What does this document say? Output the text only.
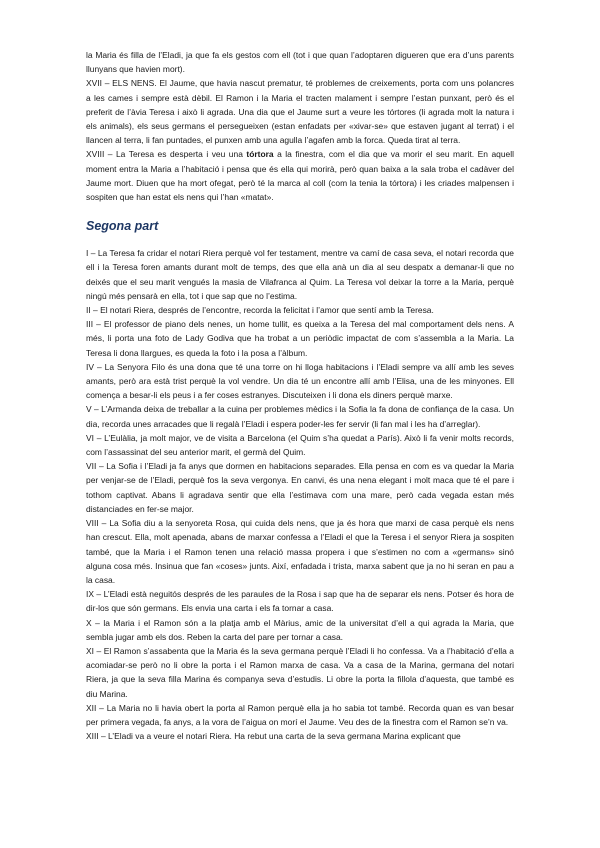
la Maria és filla de l’Eladi, ja que fa els gestos com ell (tot i que quan l’adoptaren digueren que era d’uns parents llunyans que havien mort).

XVII – ELS NENS. El Jaume, que havia nascut prematur, té problemes de creixements, porta com uns polancres a les cames i sempre està dèbil. El Ramon i la Maria el tracten malament i sempre l’estan punxant, però és el preferit de l’àvia Teresa i això li agrada. Una dia que el Jaume surt a veure les tórtores (li agrada molt la natura i els animals), els seus germans el persegueixen (estan enfadats per «xivar-se» que estaven jugant al terrat) i el llancen al terra, li fan puntades, el punxen amb una agulla l’agafen amb la forca. Queda tirat al terra.

XVIII – La Teresa es desperta i veu una tórtora a la finestra, com el dia que va morir el seu marit. En aquell moment entra la Maria a l’habitació i pensa que és ella qui morirà, però quan baixa a la sala troba el cadàver del Jaume mort. Diuen que ha mort ofegat, però té la marca al coll (com la tenia la tórtora) i les criades malpensen i sospiten que han estat els nens qui l’han «matat».

Segona part

I – La Teresa fa cridar el notari Riera perquè vol fer testament, mentre va camí de casa seva, el notari recorda que ell i la Teresa foren amants durant molt de temps, des que ella anà un dia al seu despatx a demanar-li que no deixés que el seu marit vengués la masia de Vilafranca al Quim. La Teresa vol deixar la torre a la Maria, perquè ningú més pensarà en ella, tot i que sap que no l’estima.

II – El notari Riera, després de l’encontre, recorda la felicitat i l’amor que sentí amb la Teresa.

III – El professor de piano dels nenes, un home tullit, es queixa a la Teresa del mal comportament dels nens. A més, li porta una foto de Lady Godiva que ha trobat a un periòdic impactat de com s’assembla a la Maria. La Teresa li dona llargues, es queda la foto i la posa a l’àlbum.

IV – La Senyora Filo és una dona que té una torre on hi lloga habitacions i l’Eladi sempre va allí amb les seves amants, però ara està trist perquè la vol vendre. Un dia té un encontre allí amb l’Elisa, una de les minyones. Ell comença a besar-li els peus i a fer coses estranyes. Discuteixen i li dona els diners perquè marxe.

V – L’Armanda deixa de treballar a la cuina per problemes mèdics i la Sofia la fa dona de confiança de la casa. Un dia, recorda unes arracades que li regalà l’Eladi i espera poder-les fer servir (li fan mal i les ha d’arreglar).

VI – L’Eulàlia, ja molt major, ve de visita a Barcelona (el Quim s’ha quedat a París). Això li fa venir molts records, com l’assassinat del seu anterior marit, el germà del Quim.

VII – La Sofia i l’Eladi ja fa anys que dormen en habitacions separades. Ella pensa en com es va quedar la Maria per venjar-se de l’Eladi, perquè fos la seva vergonya. En canvi, és una nena elegant i molt maca que té el pare i tothom captivat. Abans li agradava sentir que ella l’estimava com una mare, però cada vegada estan més distanciades en fer-se major.

VIII – La Sofia diu a la senyoreta Rosa, qui cuida dels nens, que ja és hora que marxi de casa perquè els nens han crescut. Ella, molt apenada, abans de marxar confessa a l’Eladi el que la Teresa i el senyor Riera ja sospiten també, que la Maria i el Ramon tenen una relació massa propera i que s’estimen no com a «germans» sinó alguna cosa més. Insinua que fan «coses» junts. Així, enfadada i trista, marxa sabent que ja no hi seran en pau a la casa.

IX – L’Eladi està neguitós després de les paraules de la Rosa i sap que ha de separar els nens. Potser és hora de dir-los que són germans. Els envia una carta i els fa tornar a casa.

X – la Maria i el Ramon són a la platja amb el Màrius, amic de la universitat d’ell a qui agrada la Maria, que sembla jugar amb els dos. Reben la carta del pare per tornar a casa.

XI – El Ramon s’assabenta que la Maria és la seva germana perquè l’Eladi li ho confessa. Va a l’habitació d’ella a acomiadar-se però no li obre la porta i el Ramon marxa de casa. Va a casa de la Marina, germana del notari Riera, ja que la seva filla Marina és companya seva d’estudis. Li obre la porta la fillola d’aquesta, que també es diu Marina.

XII – La Maria no li havia obert la porta al Ramon perquè ella ja ho sabia tot també. Recorda quan es van besar per primera vegada, fa anys, a la vora de l’aigua on morí el Jaume. Veu des de la finestra com el Ramon se’n va.

XIII – L’Eladi va a veure el notari Riera. Ha rebut una carta de la seva germana Marina explicant que
